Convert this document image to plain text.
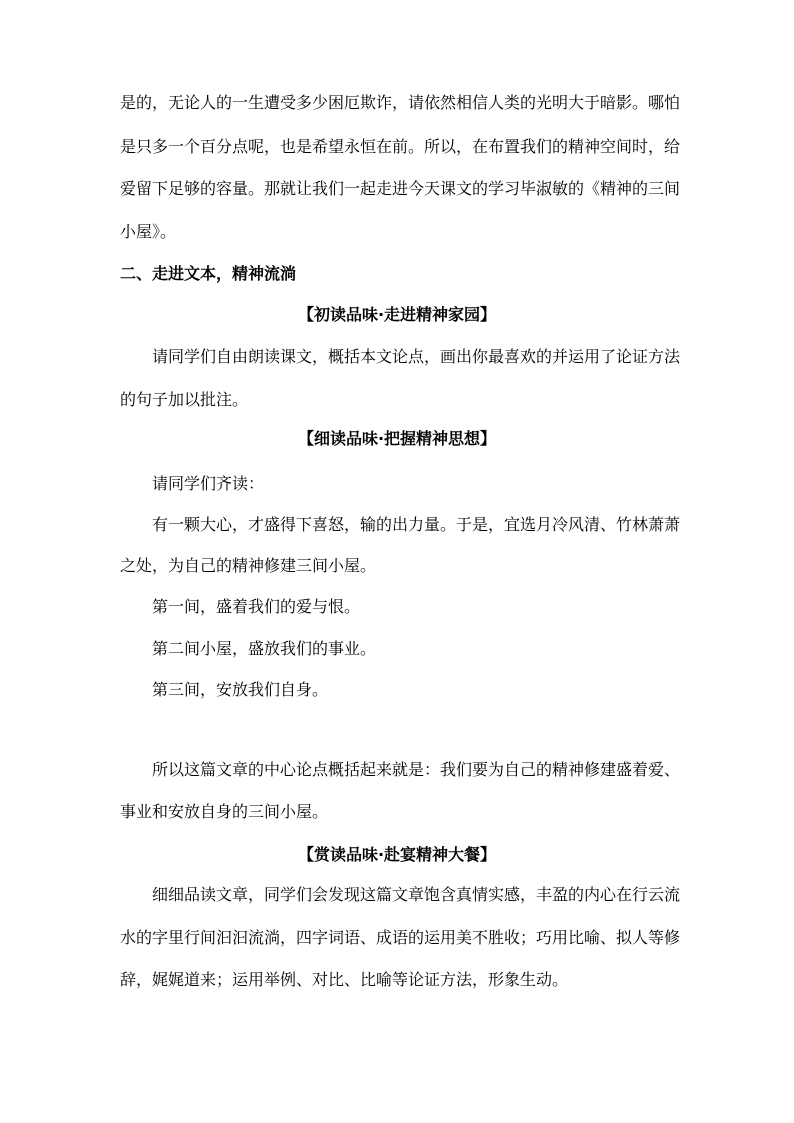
是的，无论人的一生遭受多少困厄欺诈，请依然相信人类的光明大于暗影。哪怕
是只多一个百分点呢，也是希望永恒在前。所以，在布置我们的精神空间时，给
爱留下足够的容量。那就让我们一起走进今天课文的学习毕淑敏的《精神的三间
小屋》。
二、走进文本，精神流淌
【初读品味·走进精神家园】
请同学们自由朗读课文，概括本文论点，画出你最喜欢的并运用了论证方法
的句子加以批注。
【细读品味·把握精神思想】
请同学们齐读：
有一颗大心，才盛得下喜怒，输的出力量。于是，宜选月冷风清、竹林萧萧
之处，为自己的精神修建三间小屋。
第一间，盛着我们的爱与恨。
第二间小屋，盛放我们的事业。
第三间，安放我们自身。
所以这篇文章的中心论点概括起来就是：我们要为自己的精神修建盛着爱、
事业和安放自身的三间小屋。
【赏读品味·赴宴精神大餐】
细细品读文章，同学们会发现这篇文章饱含真情实感，丰盈的内心在行云流
水的字里行间汩汩流淌，四字词语、成语的运用美不胜收；巧用比喻、拟人等修
辞，娓娓道来；运用举例、对比、比喻等论证方法，形象生动。
